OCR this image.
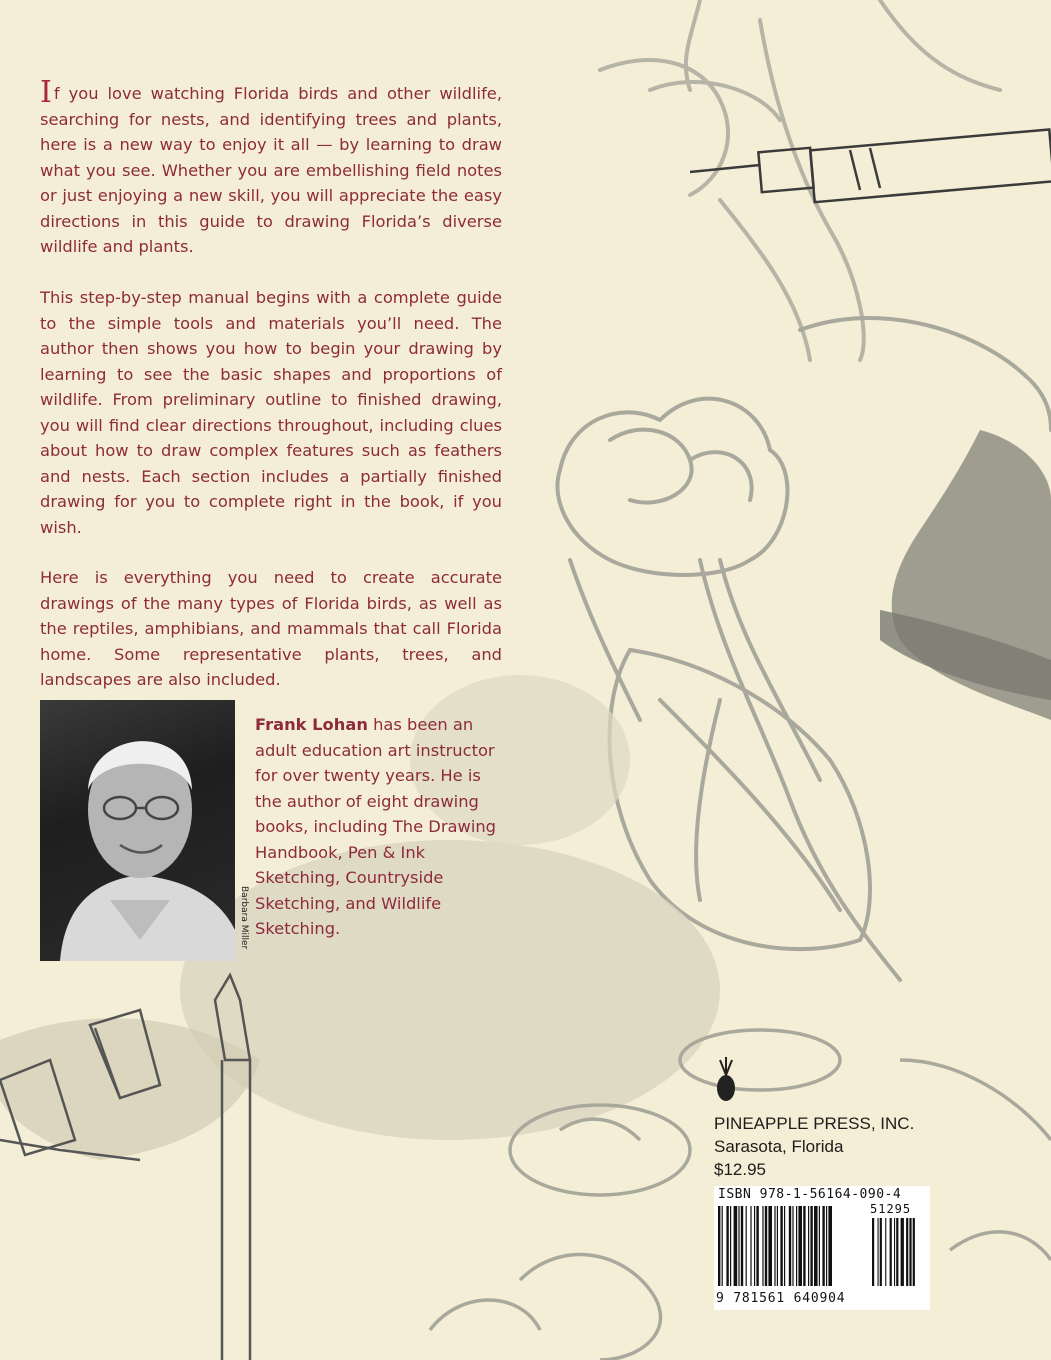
If you love watching Florida birds and other wildlife, searching for nests, and identifying trees and plants, here is a new way to enjoy it all — by learning to draw what you see. Whether you are embellishing field notes or just enjoying a new skill, you will appreciate the easy directions in this guide to drawing Florida’s diverse wildlife and plants.

This step-by-step manual begins with a complete guide to the simple tools and materials you’ll need. The author then shows you how to begin your drawing by learning to see the basic shapes and proportions of wildlife. From preliminary outline to finished drawing, you will find clear directions throughout, including clues about how to draw complex features such as feathers and nests. Each section includes a partially finished drawing for you to complete right in the book, if you wish.

Here is everything you need to create accurate drawings of the many types of Florida birds, as well as the reptiles, amphibians, and mammals that call Florida home. Some representative plants, trees, and landscapes are also included.

Barbara Miller

Frank Lohan has been an adult education art instructor for over twenty years. He is the author of eight drawing books, including The Drawing Handbook, Pen & Ink Sketching, Countryside Sketching, and Wildlife Sketching.

PINEAPPLE PRESS, INC.
Sarasota, Florida
$12.95
ISBN 978-1-56164-090-4
51295
9 781561 640904
